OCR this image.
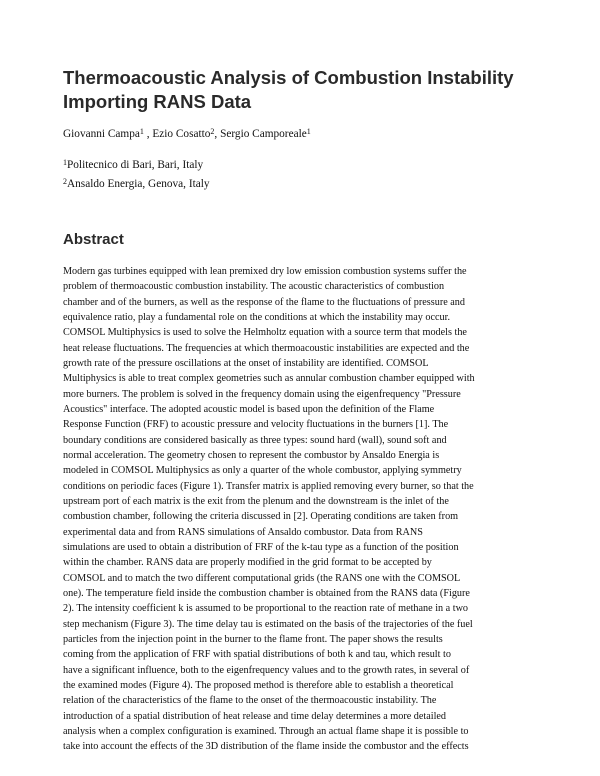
Thermoacoustic Analysis of Combustion Instability
Importing RANS Data
Giovanni Campa$^1$ , Ezio Cosatto$^2$, Sergio Camporeale$^1$
$^1$Politecnico di Bari, Bari, Italy
$^2$Ansaldo Energia, Genova, Italy
Abstract
Modern gas turbines equipped with lean premixed dry low emission combustion systems suffer the
problem of thermoacoustic combustion instability. The acoustic characteristics of combustion
chamber and of the burners, as well as the response of the flame to the fluctuations of pressure and
equivalence ratio, play a fundamental role on the conditions at which the instability may occur.
COMSOL Multiphysics is used to solve the Helmholtz equation with a source term that models the
heat release fluctuations. The frequencies at which thermoacoustic instabilities are expected and the
growth rate of the pressure oscillations at the onset of instability are identified. COMSOL
Multiphysics is able to treat complex geometries such as annular combustion chamber equipped with
more burners. The problem is solved in the frequency domain using the eigenfrequency "Pressure
Acoustics" interface. The adopted acoustic model is based upon the definition of the Flame
Response Function (FRF) to acoustic pressure and velocity fluctuations in the burners [1]. The
boundary conditions are considered basically as three types: sound hard (wall), sound soft and
normal acceleration. The geometry chosen to represent the combustor by Ansaldo Energia is
modeled in COMSOL Multiphysics as only a quarter of the whole combustor, applying symmetry
conditions on periodic faces (Figure 1). Transfer matrix is applied removing every burner, so that the
upstream port of each matrix is the exit from the plenum and the downstream is the inlet of the
combustion chamber, following the criteria discussed in [2]. Operating conditions are taken from
experimental data and from RANS simulations of Ansaldo combustor. Data from RANS
simulations are used to obtain a distribution of FRF of the k-tau type as a function of the position
within the chamber. RANS data are properly modified in the grid format to be accepted by
COMSOL and to match the two different computational grids (the RANS one with the COMSOL
one). The temperature field inside the combustion chamber is obtained from the RANS data (Figure
2). The intensity coefficient k is assumed to be proportional to the reaction rate of methane in a two
step mechanism (Figure 3). The time delay tau is estimated on the basis of the trajectories of the fuel
particles from the injection point in the burner to the flame front. The paper shows the results
coming from the application of FRF with spatial distributions of both k and tau, which result to
have a significant influence, both to the eigenfrequency values and to the growth rates, in several of
the examined modes (Figure 4). The proposed method is therefore able to establish a theoretical
relation of the characteristics of the flame to the onset of the thermoacoustic instability. The
introduction of a spatial distribution of heat release and time delay determines a more detailed
analysis when a complex configuration is examined. Through an actual flame shape it is possible to
take into account the effects of the 3D distribution of the flame inside the combustor and the effects
